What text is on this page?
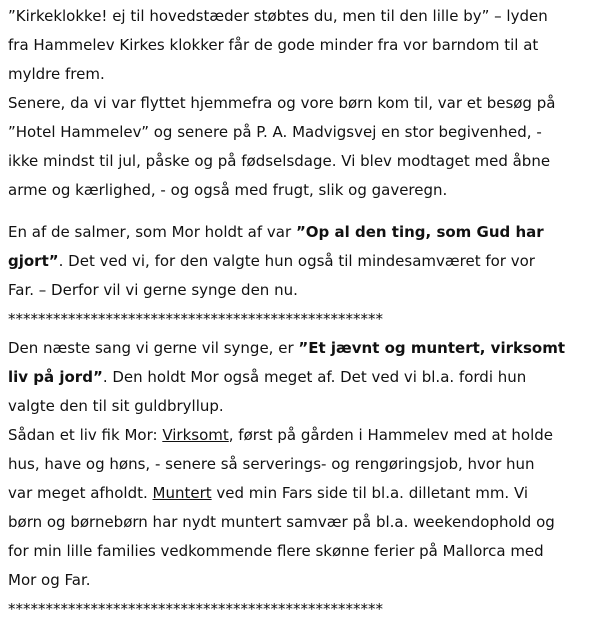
”Kirkeklokke! ej til hovedstæder støbtes du, men til den lille by” – lyden
fra Hammelev Kirkes klokker får de gode minder fra vor barndom til at
myldre frem.
Senere, da vi var flyttet hjemmefra og vore børn kom til, var et besøg på
”Hotel Hammelev” og senere på P. A. Madvigsvej en stor begivenhed, -
ikke mindst til jul, påske og på fødselsdage. Vi blev modtaget med åbne
arme og kærlighed, - og også med frugt, slik og gaveregn.
En af de salmer, som Mor holdt af var ”Op al den ting, som Gud har
gjort”. Det ved vi, for den valgte hun også til mindesamværet for vor
Far. – Derfor vil vi gerne synge den nu.
**************************************************
Den næste sang vi gerne vil synge, er ”Et jævnt og muntert, virksomt
liv på jord”. Den holdt Mor også meget af. Det ved vi bl.a. fordi hun
valgte den til sit guldbryllup.
Sådan et liv fik Mor: Virksomt, først på gården i Hammelev med at holde
hus, have og høns, - senere så serverings- og rengøringsjob, hvor hun
var meget afholdt. Muntert ved min Fars side til bl.a. dilletant mm. Vi
børn og børnebørn har nydt muntert samvær på bl.a. weekendophold og
for min lille families vedkommende flere skønne ferier på Mallorca med
Mor og Far.
**************************************************
